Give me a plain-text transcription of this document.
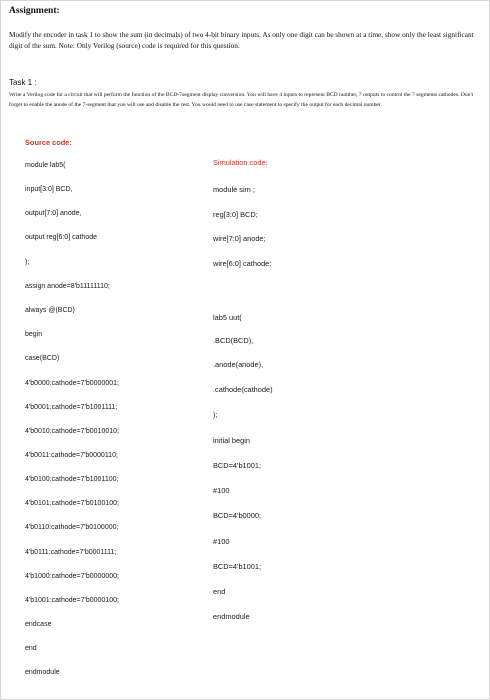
Assignment:
Modify the encoder in task 1 to show the sum (in decimals) of two 4-bit binary inputs. As only one digit can be shown at a time, show only the least significant digit of the sum. Note: Only Verilog (source) code is required for this question.
Task 1 :
Write a Verilog code for a circuit that will perform the function of the BCD-7segment display conversion. You will have 4 inputs to represent BCD number, 7 outputs to control the 7 segments cathodes. Don't forget to enable the anode of the 7-segment that you will use and disable the rest. You would need to use case statement to specify the output for each decimal number.
Source code:
Simulation code:
module lab5(
input[3:0] BCD,
output[7:0] anode,
output reg[6:0] cathode
);
assign anode=8'b11111110;
always @(BCD)
begin
case(BCD)
4'b0000:cathode=7'b0000001;
4'b0001:cathode=7'b1001111;
4'b0010:cathode=7'b0010010;
4'b0011:cathode=7'b0000110;
4'b0100:cathode=7'b1001100;
4'b0101:cathode=7'b0100100;
4'b0110:cathode=7'b0100000;
4'b0111:cathode=7'b0001111;
4'b1000:cathode=7'b0000000;
4'b1001:cathode=7'b0000100;
endcase
end
endmodule
module sim ;
reg[3:0] BCD;
wire[7:0] anode;
wire[6:0] cathode;
lab5 uut(
.BCD(BCD),
.anode(anode),
.cathode(cathode)
);
initial begin
BCD=4'b1001;
#100
BCD=4'b0000;
#100
BCD=4'b1001;
end
endmodule
